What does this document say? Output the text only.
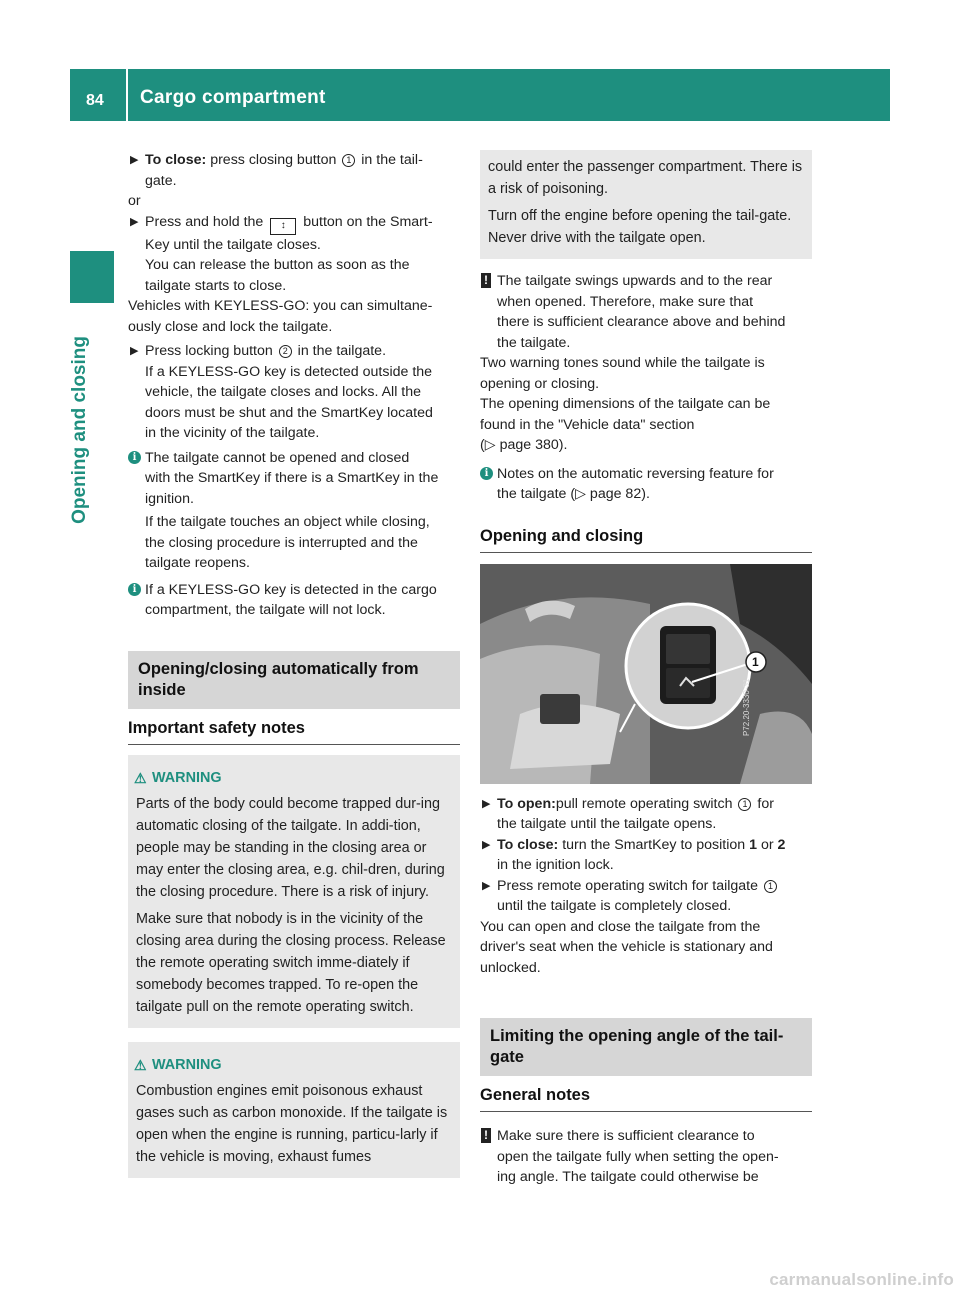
84 Cargo compartment
Opening and closing

▶ To close: press closing button 1 in the tail-

gate.

or

▶ Press and hold the ↕ button on the Smart-

Key until the tailgate closes.

You can release the button as soon as the

tailgate starts to close.

Vehicles with KEYLESS-GO: you can simultane-

ously close and lock the tailgate.

▶ Press locking button 2 in the tailgate.

If a KEYLESS-GO key is detected outside the

vehicle, the tailgate closes and locks. All the

doors must be shut and the SmartKey located

in the vicinity of the tailgate.

i The tailgate cannot be opened and closed

with the SmartKey if there is a SmartKey in the

ignition.

If the tailgate touches an object while closing,

the closing procedure is interrupted and the

tailgate reopens.

i If a KEYLESS-GO key is detected in the cargo

compartment, the tailgate will not lock.

Opening/closing automatically from
inside
Important safety notes
⚠ WARNING

Parts of the body could become trapped dur-ing automatic closing of the tailgate. In addi-tion, people may be standing in the closing area or may enter the closing area, e.g. chil-dren, during the closing procedure. There is a risk of injury.

Make sure that nobody is in the vicinity of the closing area during the closing process. Release the remote operating switch imme-diately if somebody becomes trapped. To re-open the tailgate pull on the remote operating switch.

⚠ WARNING

Combustion engines emit poisonous exhaust gases such as carbon monoxide. If the tailgate is open when the engine is running, particu-larly if the vehicle is moving, exhaust fumes

could enter the passenger compartment. There is a risk of poisoning.

Turn off the engine before opening the tail-gate. Never drive with the tailgate open.

! The tailgate swings upwards and to the rear

when opened. Therefore, make sure that

there is sufficient clearance above and behind

the tailgate.

Two warning tones sound while the tailgate is

opening or closing.

The opening dimensions of the tailgate can be

found in the "Vehicle data" section

(▷ page 380).

i Notes on the automatic reversing feature for

the tailgate (▷ page 82).

Opening and closing
1
P72.20-3330-31

▶ To open:pull remote operating switch 1 for

the tailgate until the tailgate opens.

▶ To close: turn the SmartKey to position 1 or 2

in the ignition lock.

▶ Press remote operating switch for tailgate 1

until the tailgate is completely closed.

You can open and close the tailgate from the

driver's seat when the vehicle is stationary and

unlocked.

Limiting the opening angle of the tail-
gate
General notes
! Make sure there is sufficient clearance to

open the tailgate fully when setting the open-

ing angle. The tailgate could otherwise be

carmanualsonline.info
